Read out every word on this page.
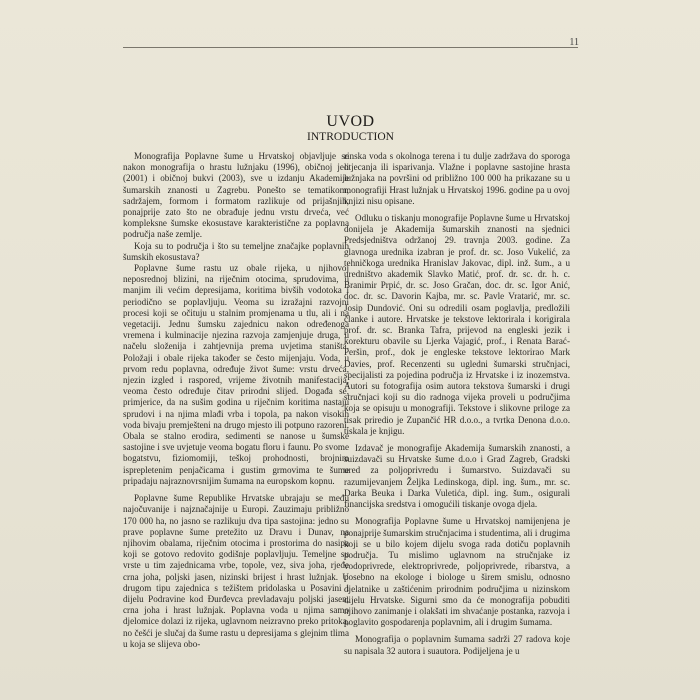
11
UVOD
INTRODUCTION

Monografija Poplavne šume u Hrvatskoj objavljuje se nakon monografija o hrastu lužnjaku (1996), običnoj jeli (2001) i običnoj bukvi (2003), sve u izdanju Akademije šumarskih znanosti u Zagrebu. Ponešto se tematikom, sadržajem, formom i formatom razlikuje od prijašnjih, ponajprije zato što ne obrađuje jednu vrstu drveća, već kompleksne šumske ekosustave karakteristične za poplavna područja naše zemlje.

Koja su to područja i što su temeljne značajke poplavnih šumskih ekosustava?

Poplavne šume rastu uz obale rijeka, u njihovoj neposrednoj blizini, na riječnim otocima, sprudovima, u manjim ili većim depresijama, koritima bivših vodotoka i periodično se poplavljuju. Veoma su izražajni razvojni procesi koji se očituju u stalnim promjenama u tlu, ali i na vegetaciji. Jednu šumsku zajednicu nakon određenoga vremena i kulminacije njezina razvoja zamjenjuje druga, u načelu složenija i zahtjevnija prema uvjetima staništa. Položaji i obale rijeka također se često mijenjaju. Voda, u prvom redu poplavna, određuje život šume: vrstu drveća, njezin izgled i raspored, vrijeme životnih manifestacija, veoma često određuje čitav prirodni slijed. Događa se, primjerice, da na sušim godina u riječnim koritima nastaju sprudovi i na njima mlađi vrba i topola, pa nakon visokih voda bivaju premješteni na drugo mjesto ili potpuno razoreni. Obala se stalno erodira, sedimenti se nanose u šumske sastojine i sve uvjetuje veoma bogatu floru i faunu. Po svome bogatstvu, fiziomomiji, teškoj prohodnosti, brojnim isprepletenim penjačicama i gustim grmovima te šume pripadaju najraznovrsnijim šumama na europskom kopnu.

Poplavne šume Republike Hrvatske ubrajaju se među najočuvanije i najznačajnije u Europi. Zauzimaju približno 170 000 ha, no jasno se razlikuju dva tipa sastojina: jedno su prave poplavne šume pretežito uz Dravu i Dunav, na njihovim obalama, riječnim otocima i prostorima do nasipa koji se gotovo redovito godišnje poplavljuju. Temeljne su vrste u tim zajednicama vrbe, topole, vez, siva joha, rjeđe crna joha, poljski jasen, nizinski brijest i hrast lužnjak. U drugom tipu zajednica s težištem pridolaska u Posavini i dijelu Podravine kod Đurđevca prevladavaju poljski jasen, crna joha i hrast lužnjak. Poplavna voda u njima samo djelomice dolazi iz rijeka, uglavnom neizravno preko pritoka, no češći je slučaj da šume rastu u depresijama s glejnim tlima u koja se slijeva obo-

rinska voda s okolnoga terena i tu dulje zadržava do sporoga otjecanja ili isparivanja. Vlažne i poplavne sastojine hrasta lužnjaka na površini od približno 100 000 ha prikazane su u monografiji Hrast lužnjak u Hrvatskoj 1996. godine pa u ovoj knjizi nisu opisane.

Odluku o tiskanju monografije Poplavne šume u Hrvatskoj donijela je Akademija šumarskih znanosti na sjednici Predsjedništva održanoj 29. travnja 2003. godine. Za glavnoga urednika izabran je prof. dr. sc. Joso Vukelić, za tehničkoga urednika Hranislav Jakovac, dipl. inž. šum., a u uredništvo akademik Slavko Matić, prof. dr. sc. dr. h. c. Branimir Prpić, dr. sc. Joso Gračan, doc. dr. sc. Igor Anić, doc. dr. sc. Davorin Kajba, mr. sc. Pavle Vratarić, mr. sc. Josip Dundović. Oni su odredili osam poglavlja, predložili članke i autore. Hrvatske je tekstove lektorirala i korigirala prof. dr. sc. Branka Tafra, prijevod na engleski jezik i korekturu obavile su Ljerka Vajagić, prof., i Renata Barać-Peršin, prof., dok je engleske tekstove lektorirao Mark Davies, prof. Recenzenti su ugledni šumarski stručnjaci, specijalisti za pojedina područja iz Hrvatske i iz inozemstva. Autori su fotografija osim autora tekstova šumarski i drugi stručnjaci koji su dio radnoga vijeka proveli u područjima koja se opisuju u monografiji. Tekstove i slikovne priloge za tisak priredio je Zupančić HR d.o.o., a tvrtka Denona d.o.o. tiskala je knjigu.

Izdavač je monografije Akademija šumarskih znanosti, a suizdavači su Hrvatske šume d.o.o i Grad Zagreb, Gradski ured za poljoprivredu i šumarstvo. Suizdavači su razumijevanjem Željka Ledinskoga, dipl. ing. šum., mr. sc. Darka Beuka i Darka Vuletića, dipl. ing. šum., osigurali financijska sredstva i omogućili tiskanje ovoga djela.

Monografija Poplavne šume u Hrvatskoj namijenjena je ponajprije šumarskim stručnjacima i studentima, ali i drugima koji se u bilo kojem dijelu svoga rada dotiču poplavnih područja. Tu mislimo uglavnom na stručnjake iz vodoprivrede, elektroprivrede, poljoprivrede, ribarstva, a posebno na ekologe i biologe u širem smislu, odnosno djelatnike u zaštićenim prirodnim područjima u nizinskom dijelu Hrvatske. Sigurni smo da će monografija pobuditi njihovo zanimanje i olakšati im shvaćanje postanka, razvoja i poglavito gospodarenja poplavnim, ali i drugim šumama.

Monografija o poplavnim šumama sadrži 27 radova koje su napisala 32 autora i suautora. Podijeljena je u
